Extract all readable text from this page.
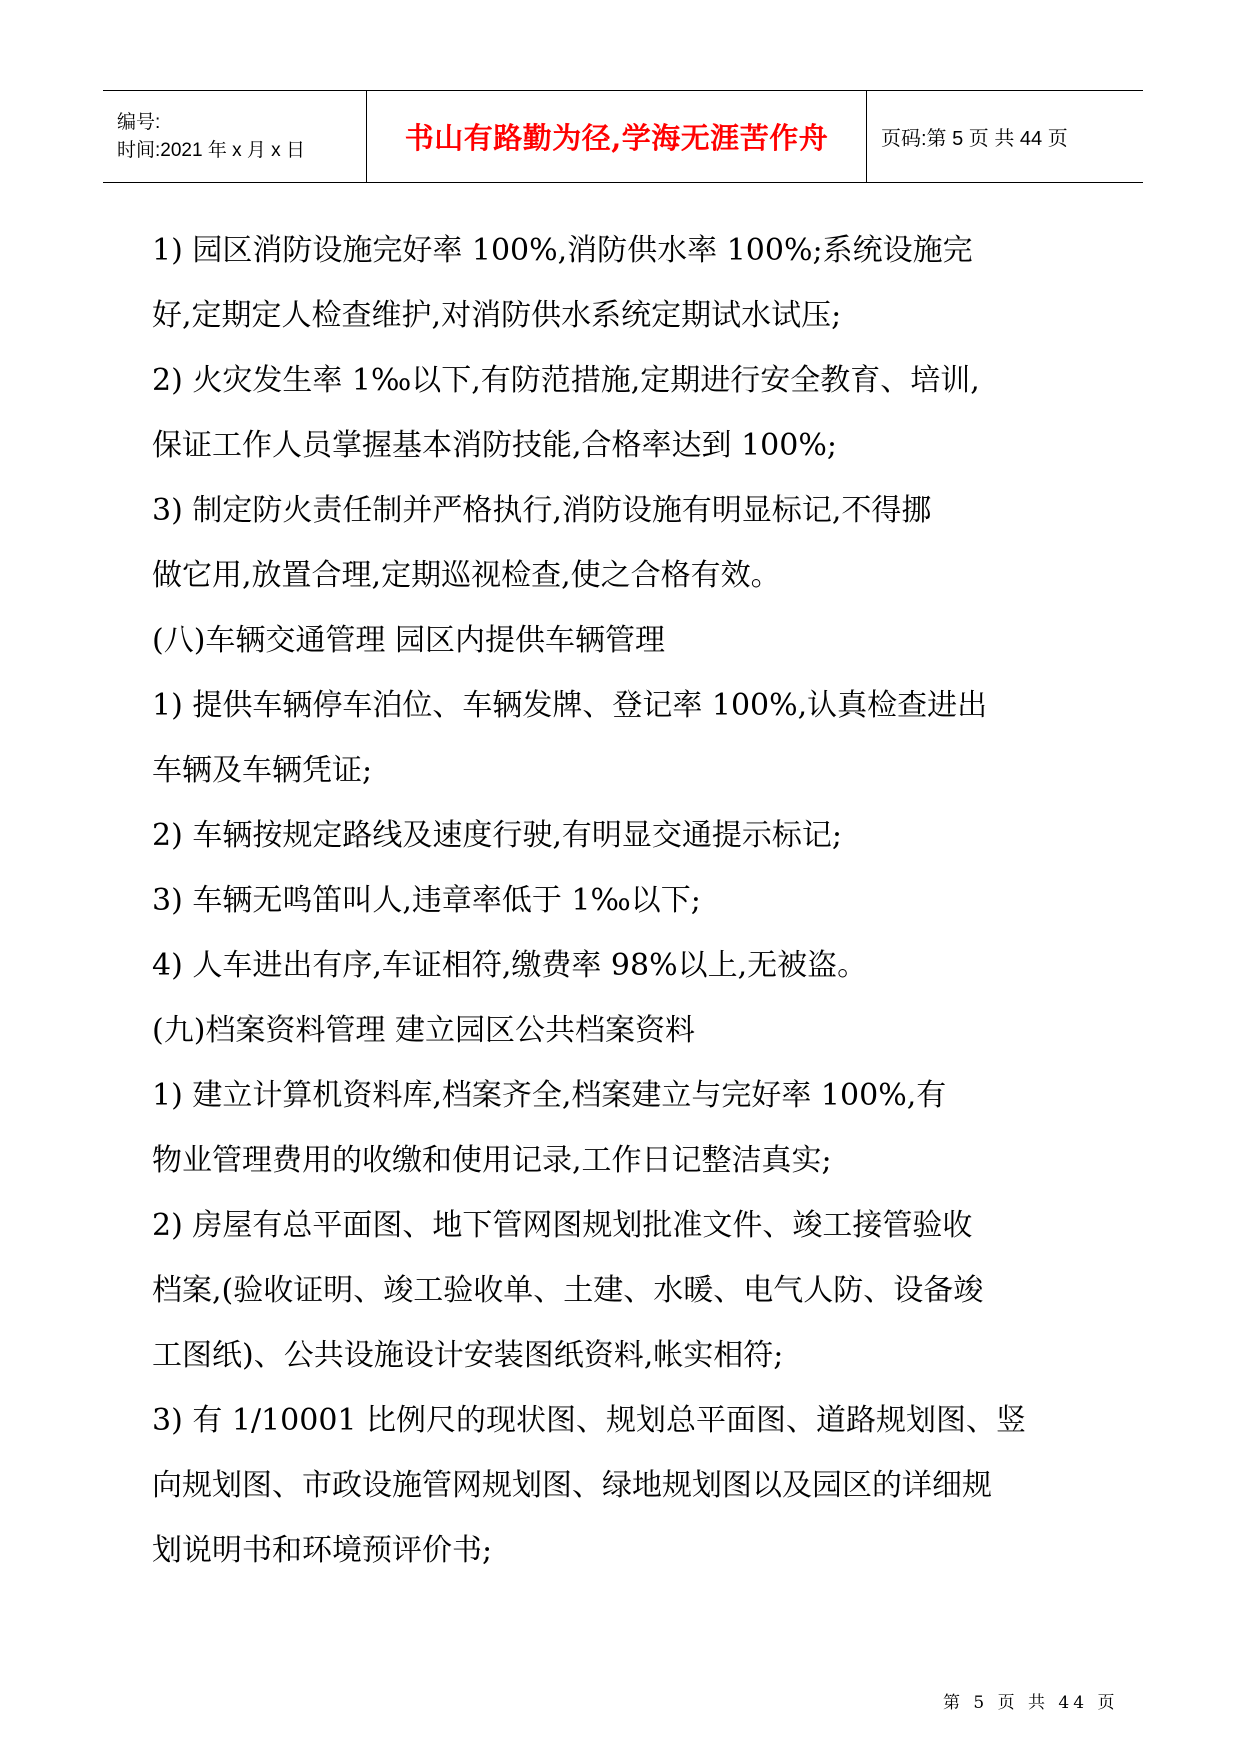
编号:
时间:2021 年 x 月 x 日	书山有路勤为径,学海无涯苦作舟	页码:第 5 页 共 44 页

1) 园区消防设施完好率 100%,消防供水率 100%;系统设施完

好,定期定人检查维护,对消防供水系统定期试水试压;

2) 火灾发生率 1‰以下,有防范措施,定期进行安全教育、培训,

保证工作人员掌握基本消防技能,合格率达到 100%;

3) 制定防火责任制并严格执行,消防设施有明显标记,不得挪

做它用,放置合理,定期巡视检查,使之合格有效。

(八)车辆交通管理 园区内提供车辆管理

1) 提供车辆停车泊位、车辆发牌、登记率 100%,认真检查进出

车辆及车辆凭证;

2) 车辆按规定路线及速度行驶,有明显交通提示标记;

3) 车辆无鸣笛叫人,违章率低于 1‰以下;

4) 人车进出有序,车证相符,缴费率 98%以上,无被盗。

(九)档案资料管理 建立园区公共档案资料

1) 建立计算机资料库,档案齐全,档案建立与完好率 100%,有

物业管理费用的收缴和使用记录,工作日记整洁真实;

2) 房屋有总平面图、地下管网图规划批准文件、竣工接管验收

档案,(验收证明、竣工验收单、土建、水暖、电气人防、设备竣

工图纸)、公共设施设计安装图纸资料,帐实相符;

3) 有 1/10001 比例尺的现状图、规划总平面图、道路规划图、竖

向规划图、市政设施管网规划图、绿地规划图以及园区的详细规

划说明书和环境预评价书;

第 5 页 共 44 页
